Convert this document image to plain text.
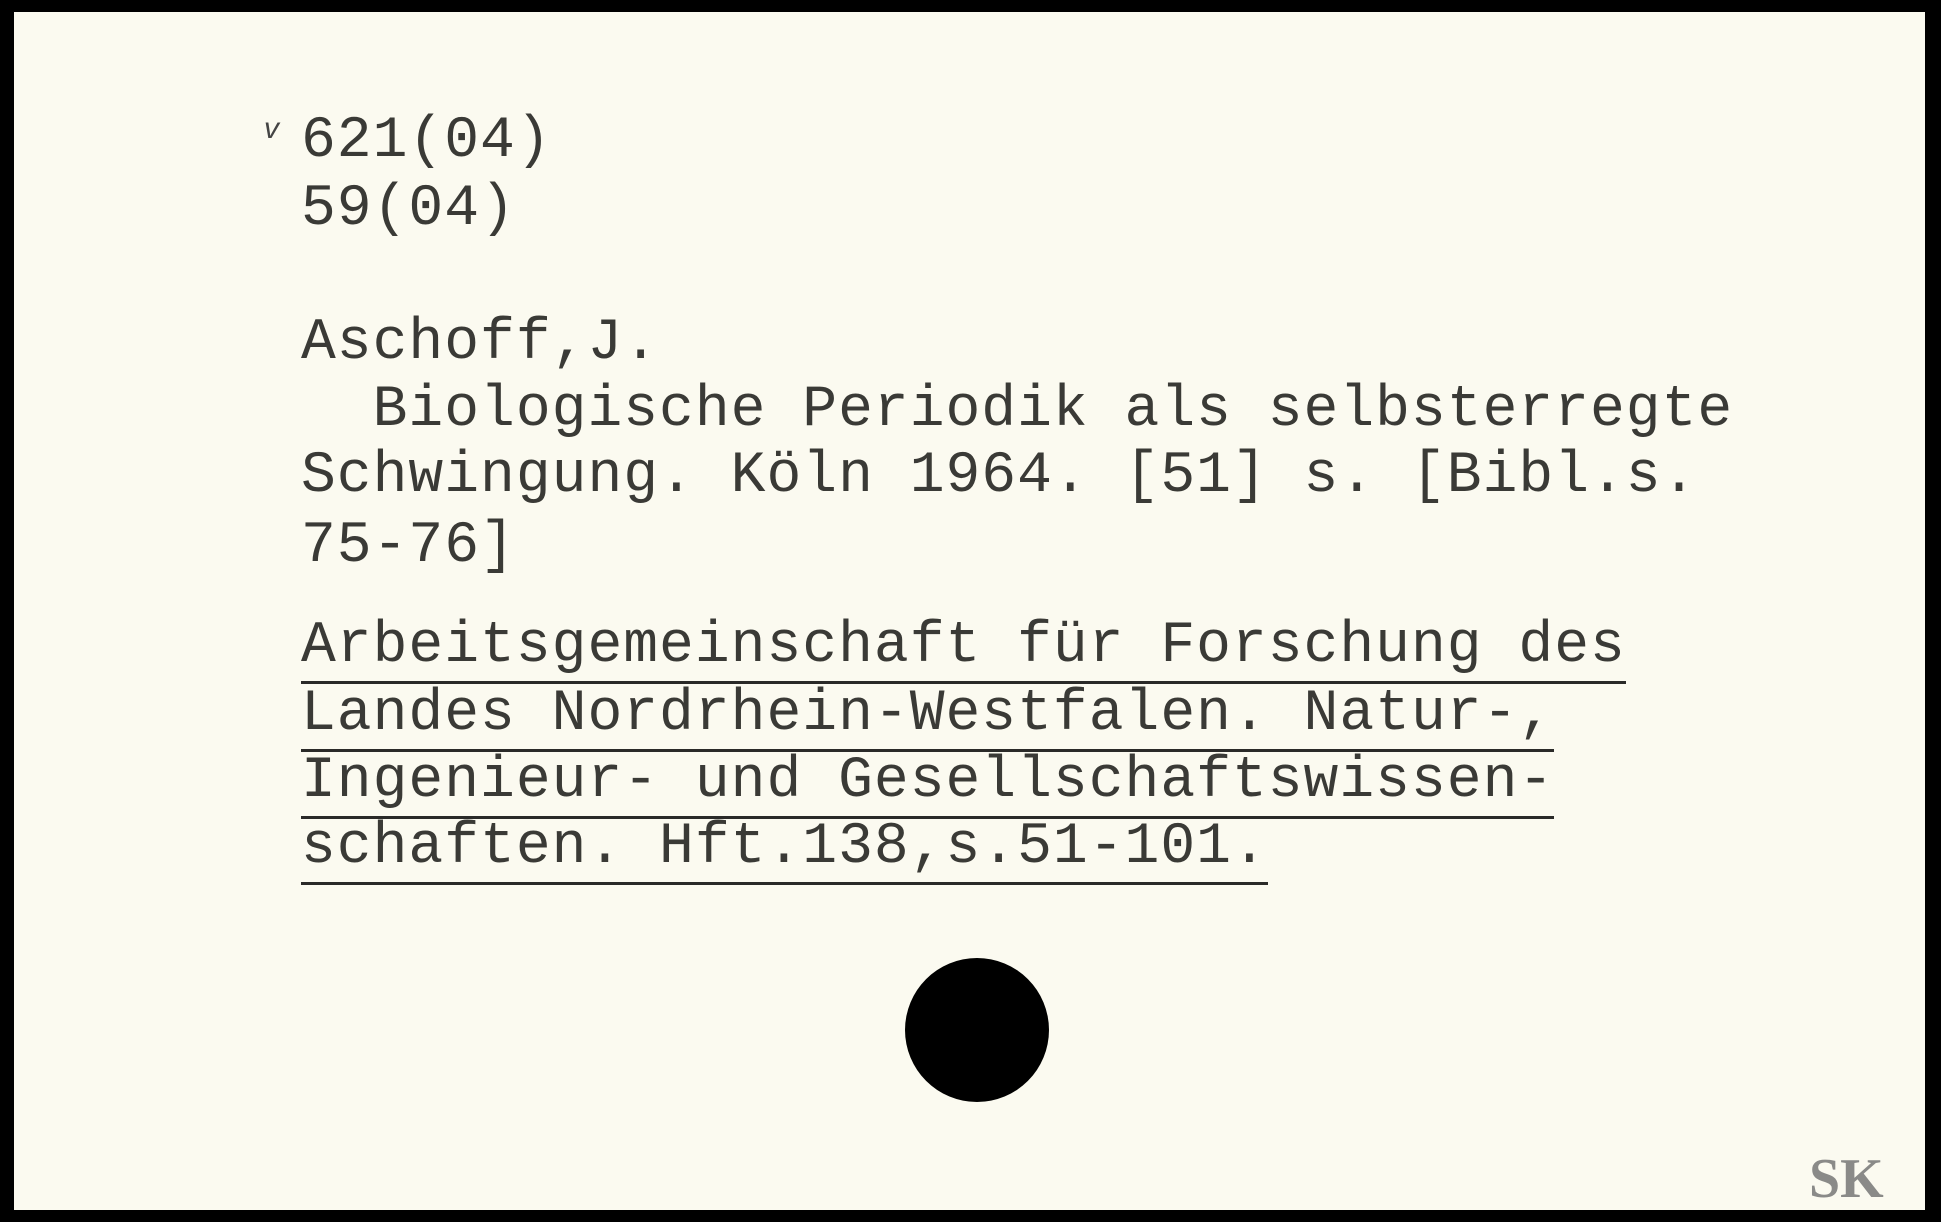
v 621(04)
59(04)
Aschoff,J.
Biologische Periodik als selbsterregte
Schwingung. Köln 1964. [51] s. [Bibl.s.
75-76]
Arbeitsgemeinschaft für Forschung des
Landes Nordrhein-Westfalen. Natur-,
Ingenieur- und Gesellschaftswissen-
schaften. Hft.138,s.51-101.
SK
